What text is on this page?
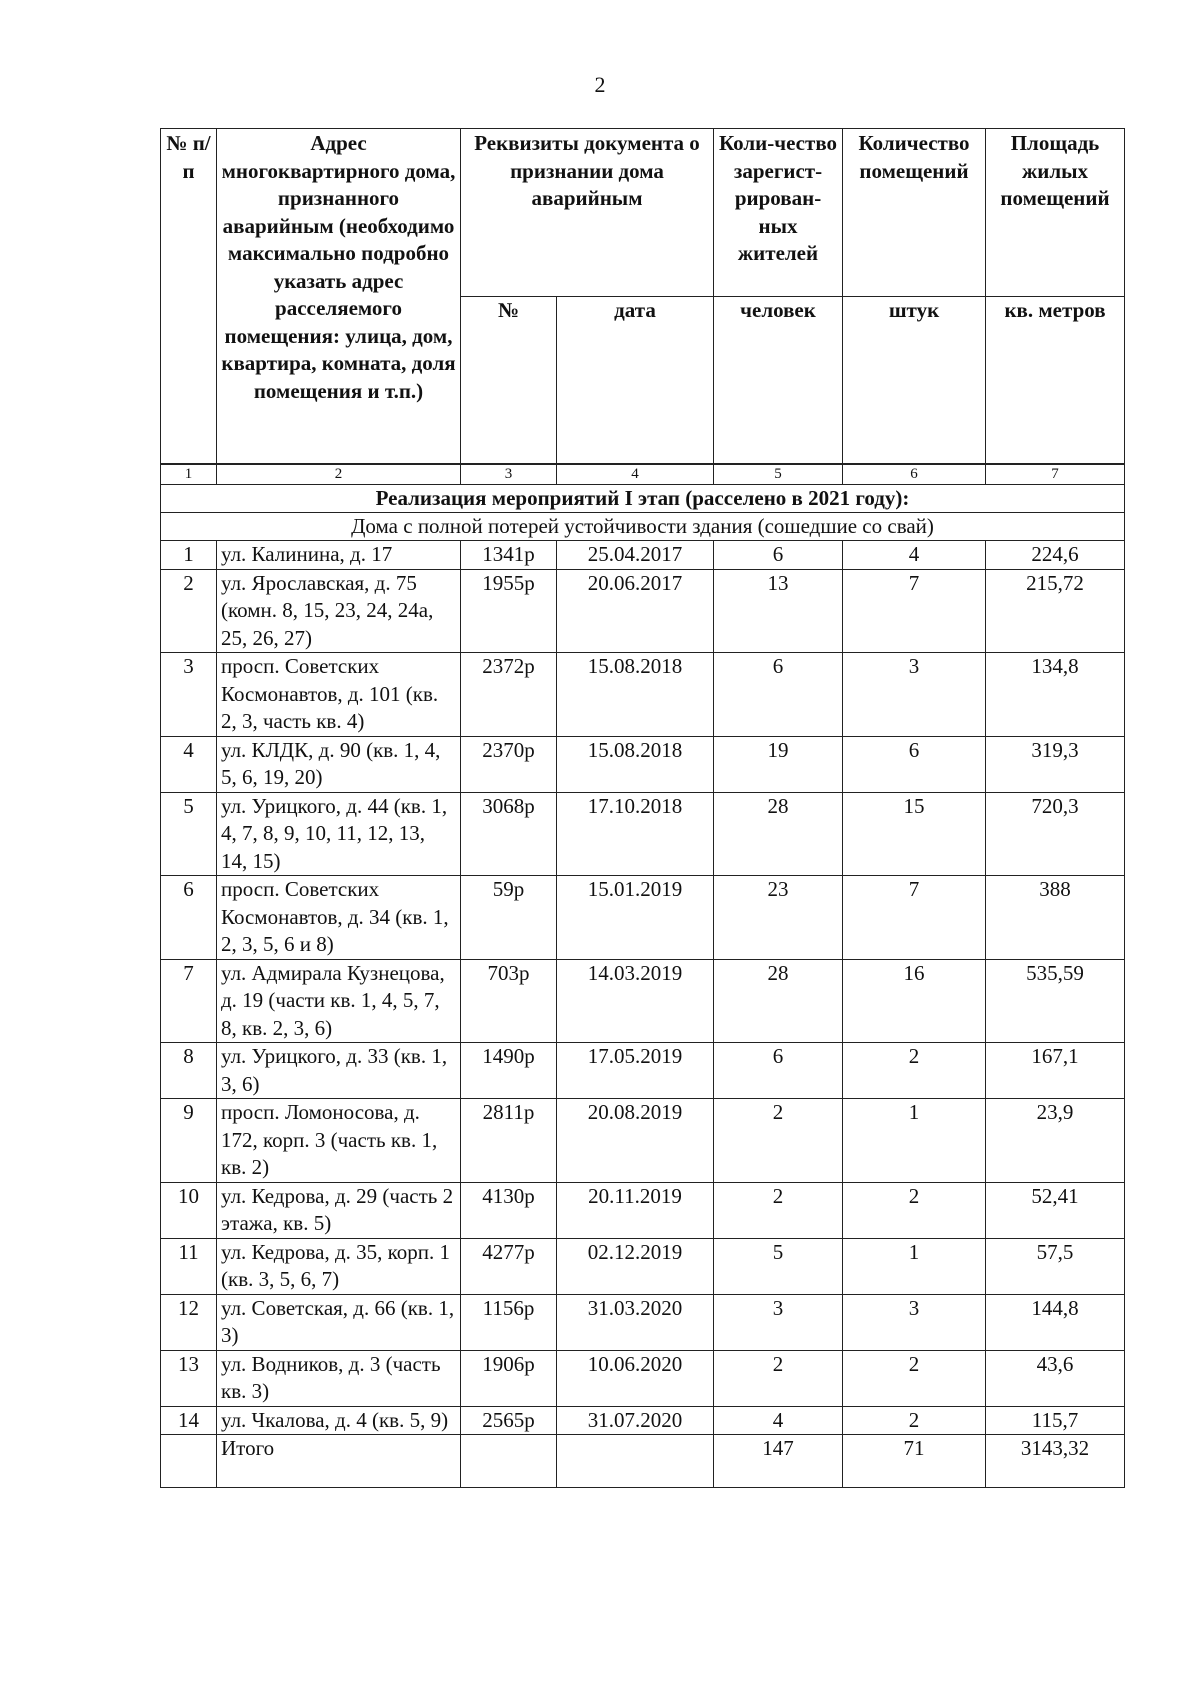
2
№ п/п	Адрес многоквартирного дома, признанного аварийным (необходимо максимально подробно указать адрес расселяемого помещения: улица, дом, квартира, комната, доля помещения и т.п.)	Реквизиты документа о признании дома аварийным		Коли-чество зарегист-рирован-ных жителей	Количество помещений	Площадь жилых помещений
		№	дата	человек	штук	кв. метров
1	2	3	4	5	6	7
Реализация мероприятий I этап (расселено в 2021 году):						
Дома с полной потерей устойчивости здания (сошедшие со свай)						
1	ул. Калинина, д. 17	1341р	25.04.2017	6	4	224,6
2	ул. Ярославская, д. 75 (комн. 8, 15, 23, 24, 24а, 25, 26, 27)	1955р	20.06.2017	13	7	215,72
3	просп. Советских Космонавтов, д. 101 (кв. 2, 3, часть кв. 4)	2372р	15.08.2018	6	3	134,8
4	ул. КЛДК, д. 90 (кв. 1, 4, 5, 6, 19, 20)	2370р	15.08.2018	19	6	319,3
5	ул. Урицкого, д. 44 (кв. 1, 4, 7, 8, 9, 10, 11, 12, 13, 14, 15)	3068р	17.10.2018	28	15	720,3
6	просп. Советских Космонавтов, д. 34 (кв. 1, 2, 3, 5, 6 и 8)	59р	15.01.2019	23	7	388
7	ул. Адмирала Кузнецова, д. 19 (части кв. 1, 4, 5, 7, 8, кв. 2, 3, 6)	703р	14.03.2019	28	16	535,59
8	ул. Урицкого, д. 33 (кв. 1, 3, 6)	1490р	17.05.2019	6	2	167,1
9	просп. Ломоносова, д. 172, корп. 3 (часть кв. 1, кв. 2)	2811р	20.08.2019	2	1	23,9
10	ул. Кедрова, д. 29 (часть 2 этажа, кв. 5)	4130р	20.11.2019	2	2	52,41
11	ул. Кедрова, д. 35, корп. 1 (кв. 3, 5, 6, 7)	4277р	02.12.2019	5	1	57,5
12	ул. Советская, д. 66 (кв. 1, 3)	1156р	31.03.2020	3	3	144,8
13	ул. Водников, д. 3 (часть кв. 3)	1906р	10.06.2020	2	2	43,6
14	ул. Чкалова, д. 4 (кв. 5, 9)	2565р	31.07.2020	4	2	115,7
	Итого			147	71	3143,32
